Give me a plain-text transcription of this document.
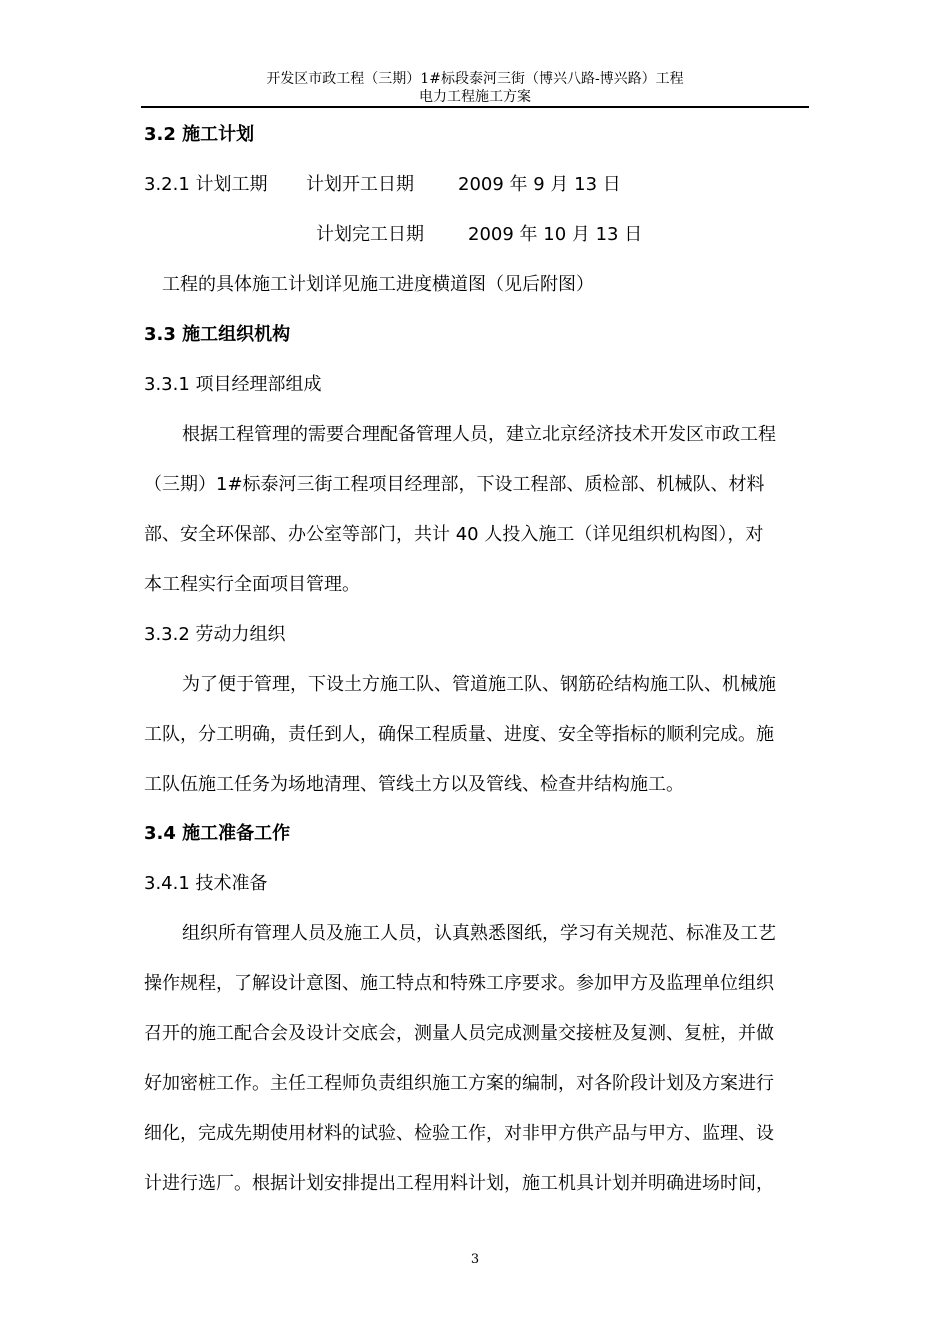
开发区市政工程（三期）1#标段泰河三街（博兴八路-博兴路）工程
电力工程施工方案
3.2 施工计划
3.2.1 计划工期 计划开工日期 2009 年 9 月 13 日
计划完工日期 2009 年 10 月 13 日
工程的具体施工计划详见施工进度横道图（见后附图）
3.3 施工组织机构
3.3.1 项目经理部组成
根据工程管理的需要合理配备管理人员，建立北京经济技术开发区市政工程
（三期）1#标泰河三街工程项目经理部，下设工程部、质检部、机械队、材料
部、安全环保部、办公室等部门，共计 40 人投入施工（详见组织机构图），对
本工程实行全面项目管理。
3.3.2 劳动力组织
为了便于管理，下设土方施工队、管道施工队、钢筋砼结构施工队、机械施
工队，分工明确，责任到人，确保工程质量、进度、安全等指标的顺利完成。施
工队伍施工任务为场地清理、管线土方以及管线、检查井结构施工。
3.4 施工准备工作
3.4.1 技术准备
组织所有管理人员及施工人员，认真熟悉图纸，学习有关规范、标准及工艺
操作规程，了解设计意图、施工特点和特殊工序要求。参加甲方及监理单位组织
召开的施工配合会及设计交底会，测量人员完成测量交接桩及复测、复桩，并做
好加密桩工作。主任工程师负责组织施工方案的编制，对各阶段计划及方案进行
细化，完成先期使用材料的试验、检验工作，对非甲方供产品与甲方、监理、设
计进行选厂。根据计划安排提出工程用料计划，施工机具计划并明确进场时间，
3
